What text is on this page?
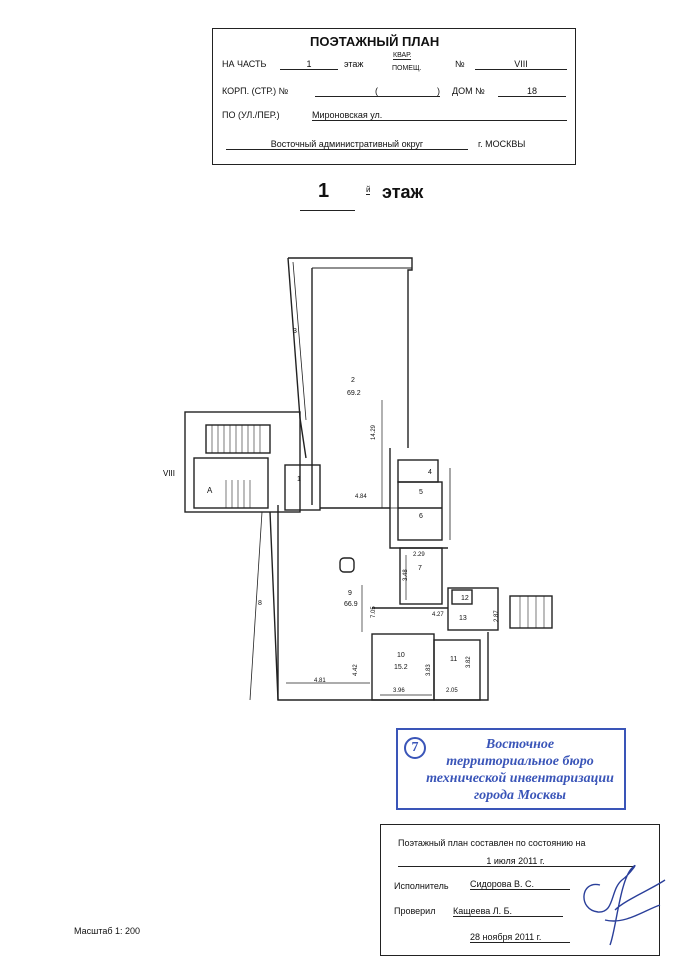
ПОЭТАЖНЫЙ ПЛАН
НА ЧАСТЬ	1	этаж
КВАР.
ПОМЕЩ.	№	VIII
КОРП. (СТР.) №	(	)
ДОМ №	18
ПО (УЛ./ПЕР.)	Мироновская ул.
Восточный административный округ	г. МОСКВЫ
1	й этаж
VIII
1
2
69.2
3
4
5
6
7
8
9
66.9
10
15.2
11
12
13
А
14.29
4.84
2.29
3.48
7.05	4.27	2.87
3.83
3.82
4.42
4.81
3.96	2.05
7	Восточное
территориальное бюро
технической инвентаризации
города Москвы
Поэтажный план составлен по состоянию на
1 июля 2011 г.
Исполнитель Сидорова В. С.
Проверил Кащеева Л. Б.
28 ноября 2011 г.
Масштаб 1: 200
